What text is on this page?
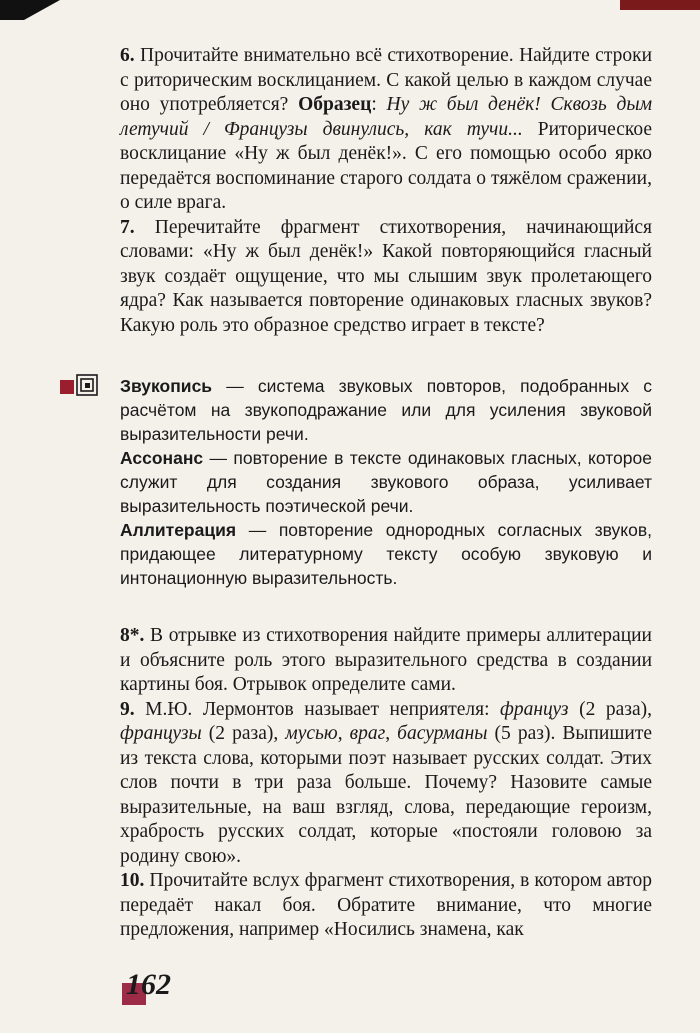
6. Прочитайте внимательно всё стихотворение. Найдите строки с риторическим восклицанием. С какой целью в каждом случае оно употребляется? Образец: Ну ж был денёк! Сквозь дым летучий / Французы двинулись, как тучи... Риторическое восклицание «Ну ж был денёк!». С его помощью особо ярко передаётся воспоминание старого солдата о тяжёлом сражении, о силе врага.

7. Перечитайте фрагмент стихотворения, начинающийся словами: «Ну ж был денёк!» Какой повторяющийся гласный звук создаёт ощущение, что мы слышим звук пролетающего ядра? Как называется повторение одинаковых гласных звуков? Какую роль это образное средство играет в тексте?

Звукопись — система звуковых повторов, подобранных с расчётом на звукоподражание или для усиления звуковой выразительности речи.

Ассонанс — повторение в тексте одинаковых гласных, которое служит для создания звукового образа, усиливает выразительность поэтической речи.

Аллитерация — повторение однородных согласных звуков, придающее литературному тексту особую звуковую и интонационную выразительность.

8*. В отрывке из стихотворения найдите примеры аллитерации и объясните роль этого выразительного средства в создании картины боя. Отрывок определите сами.

9. М.Ю. Лермонтов называет неприятеля: француз (2 раза), французы (2 раза), мусью, враг, басурманы (5 раз). Выпишите из текста слова, которыми поэт называет русских солдат. Этих слов почти в три раза больше. Почему? Назовите самые выразительные, на ваш взгляд, слова, передающие героизм, храбрость русских солдат, которые «постояли головою за родину свою».

10. Прочитайте вслух фрагмент стихотворения, в котором автор передаёт накал боя. Обратите внимание, что многие предложения, например «Носились знамена, как

162
